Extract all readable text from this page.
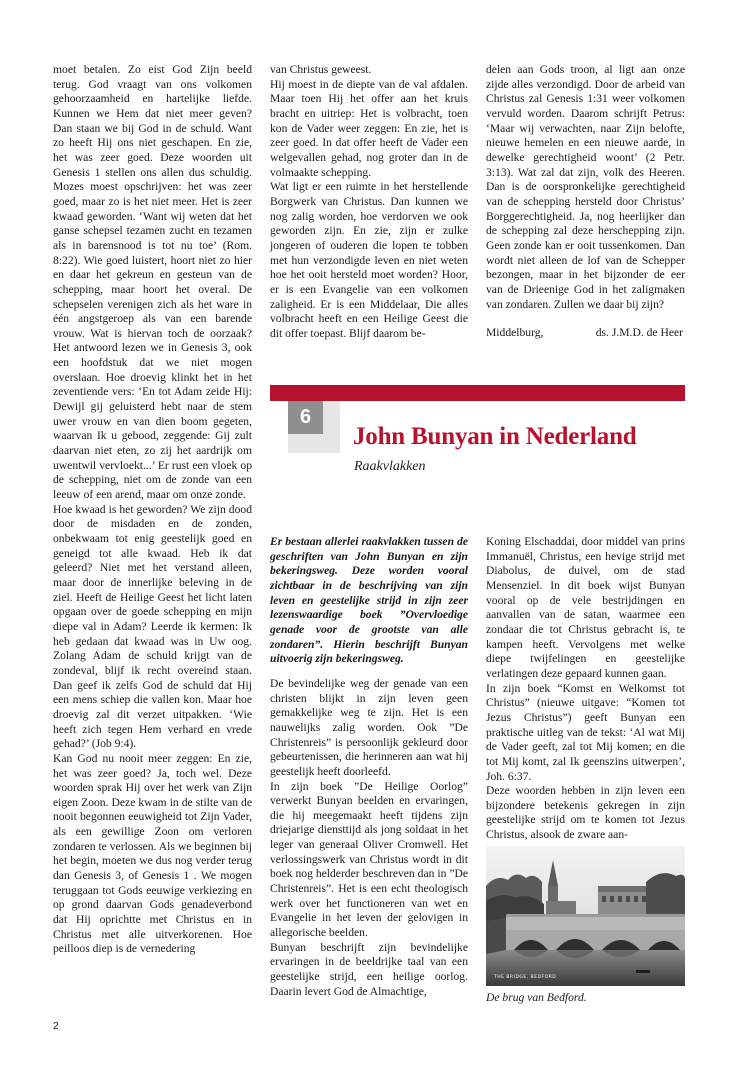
moet betalen. Zo eist God Zijn beeld terug. God vraagt van ons volkomen gehoorzaamheid en hartelijke liefde. Kunnen we Hem dat niet meer geven? Dan staan we bij God in de schuld. Want zo heeft Hij ons niet geschapen. En zie, het was zeer goed. Deze woorden uit Genesis 1 stellen ons allen dus schuldig. Mozes moest opschrijven: het was zeer goed, maar zo is het niet meer. Het is zeer kwaad geworden. ‘Want wij weten dat het ganse schepsel tezamen zucht en tezamen als in barensnood is tot nu toe’ (Rom. 8:22). Wie goed luistert, hoort niet zo hier en daar het gekreun en gesteun van de schepping, maar hoort het overal. De schepselen verenigen zich als het ware in één angstgeroep als van een barende vrouw. Wat is hiervan toch de oorzaak? Het antwoord lezen we in Genesis 3, ook een hoofdstuk dat we niet mogen overslaan. Hoe droevig klinkt het in het zeventiende vers: ‘En tot Adam zeide Hij: Dewijl gij geluisterd hebt naar de stem uwer vrouw en van dien boom gegeten, waarvan Ik u gebood, zeggende: Gij zult daarvan niet eten, zo zij het aardrijk om uwentwil vervloekt...’ Er rust een vloek op de schepping, niet om de zonde van een leeuw of een arend, maar om onze zonde.

Hoe kwaad is het geworden? We zijn dood door de misdaden en de zonden, onbekwaam tot enig geestelijk goed en geneigd tot alle kwaad. Heb ik dat geleerd? Niet met het verstand alleen, maar door de innerlijke beleving in de ziel. Heeft de Heilige Geest het licht laten opgaan over de goede schepping en mijn diepe val in Adam? Leerde ik kermen: Ik heb gedaan dat kwaad was in Uw oog. Zolang Adam de schuld krijgt van de zondeval, blijf ik recht overeind staan. Dan geef ik zelfs God de schuld dat Hij een mens schiep die vallen kon. Maar hoe droevig zal dit verzet uitpakken. ‘Wie heeft zich tegen Hem verhard en vrede gehad?’ (Job 9:4).

Kan God nu nooit meer zeggen: En zie, het was zeer goed? Ja, toch wel. Deze woorden sprak Hij over het werk van Zijn eigen Zoon. Deze kwam in de stilte van de nooit begonnen eeuwigheid tot Zijn Vader, als een gewillige Zoon om verloren zondaren te verlossen. Als we beginnen bij het begin, moeten we dus nog verder terug dan Genesis 3, of Genesis 1 . We mogen teruggaan tot Gods eeuwige verkiezing en op grond daarvan Gods genadeverbond dat Hij oprichtte met Christus en in Christus met alle uitverkorenen. Hoe peilloos diep is de vernedering

van Christus geweest.

Hij moest in de diepte van de val afdalen. Maar toen Hij het offer aan het kruis bracht en uitriep: Het is volbracht, toen kon de Vader weer zeggen: En zie, het is zeer goed. In dat offer heeft de Vader een welgevallen gehad, nog groter dan in de volmaakte schepping.

Wat ligt er een ruimte in het herstellende Borgwerk van Christus. Dan kunnen we nog zalig worden, hoe verdorven we ook geworden zijn. En zie, zijn er zulke jongeren of ouderen die lopen te tobben met hun verzondigde leven en niet weten hoe het ooit hersteld moet worden? Hoor, er is een Evangelie van een volkomen zaligheid. Er is een Middelaar, Die alles volbracht heeft en een Heilige Geest die dit offer toepast. Blijf daarom be-

delen aan Gods troon, al ligt aan onze zijde alles verzondigd. Door de arbeid van Christus zal Genesis 1:31 weer volkomen vervuld worden. Daarom schrijft Petrus: ‘Maar wij verwachten, naar Zijn belofte, nieuwe hemelen en een nieuwe aarde, in dewelke gerechtigheid woont’ (2 Petr. 3:13). Wat zal dat zijn, volk des Heeren. Dan is de oorspronkelijke gerechtigheid van de schepping hersteld door Christus’ Borggerechtigheid. Ja, nog heerlijker dan de schepping zal deze herschepping zijn. Geen zonde kan er ooit tussenkomen. Dan wordt niet alleen de lof van de Schepper bezongen, maar in het bijzonder de eer van de Drieenige God in het zaligmaken van zondaren. Zullen we daar bij zijn?

Middelburg,	ds. J.M.D. de Heer
6
John Bunyan in Nederland
Raakvlakken

Er bestaan allerlei raakvlakken tussen de geschriften van John Bunyan en zijn bekeringsweg. Deze worden vooral zichtbaar in de beschrijving van zijn leven en geestelijke strijd in zijn zeer lezenswaardige boek ”Overvloedige genade voor de grootste van alle zondaren”. Hierin beschrijft Bunyan uitvoerig zijn bekeringsweg.

De bevindelijke weg der genade van een christen blijkt in zijn leven geen gemakkelijke weg te zijn. Het is een nauwelijks zalig worden. Ook ”De Christenreis” is persoonlijk gekleurd door gebeurtenissen, die herinneren aan wat hij geestelijk heeft doorleefd.

In zijn boek ”De Heilige Oorlog” verwerkt Bunyan beelden en ervaringen, die hij meegemaakt heeft tijdens zijn driejarige diensttijd als jong soldaat in het leger van generaal Oliver Cromwell. Het verlossingswerk van Christus wordt in dit boek nog helderder beschreven dan in ”De Christenreis”. Het is een echt theologisch werk over het functioneren van wet en Evangelie in het leven der gelovigen in allegorische beelden.

Bunyan beschrijft zijn bevindelijke ervaringen in de beeldrijke taal van een geestelijke strijd, een heilige oorlog. Daarin levert God de Almachtige,

Koning Elschaddai, door middel van prins Immanuël, Christus, een hevige strijd met Diabolus, de duivel, om de stad Mensenziel. In dit boek wijst Bunyan vooral op de vele bestrijdingen en aanvallen van de satan, waarmee een zondaar die tot Christus gebracht is, te kampen heeft. Vervolgens met welke diepe twijfelingen en geestelijke verlatingen deze gepaard kunnen gaan.

In zijn boek “Komst en Welkomst tot Christus” (nieuwe uitgave: “Komen tot Jezus Christus”) geeft Bunyan een praktische uitleg van de tekst: ‘Al wat Mij de Vader geeft, zal tot Mij komen; en die tot Mij komt, zal Ik geenszins uitwerpen’, Joh. 6:37.

Deze woorden hebben in zijn leven een bijzondere betekenis gekregen in zijn geestelijke strijd om te komen tot Jezus Christus, alsook de zware aan-

THE BRIDGE, BEDFORD
De brug van Bedford.
2
